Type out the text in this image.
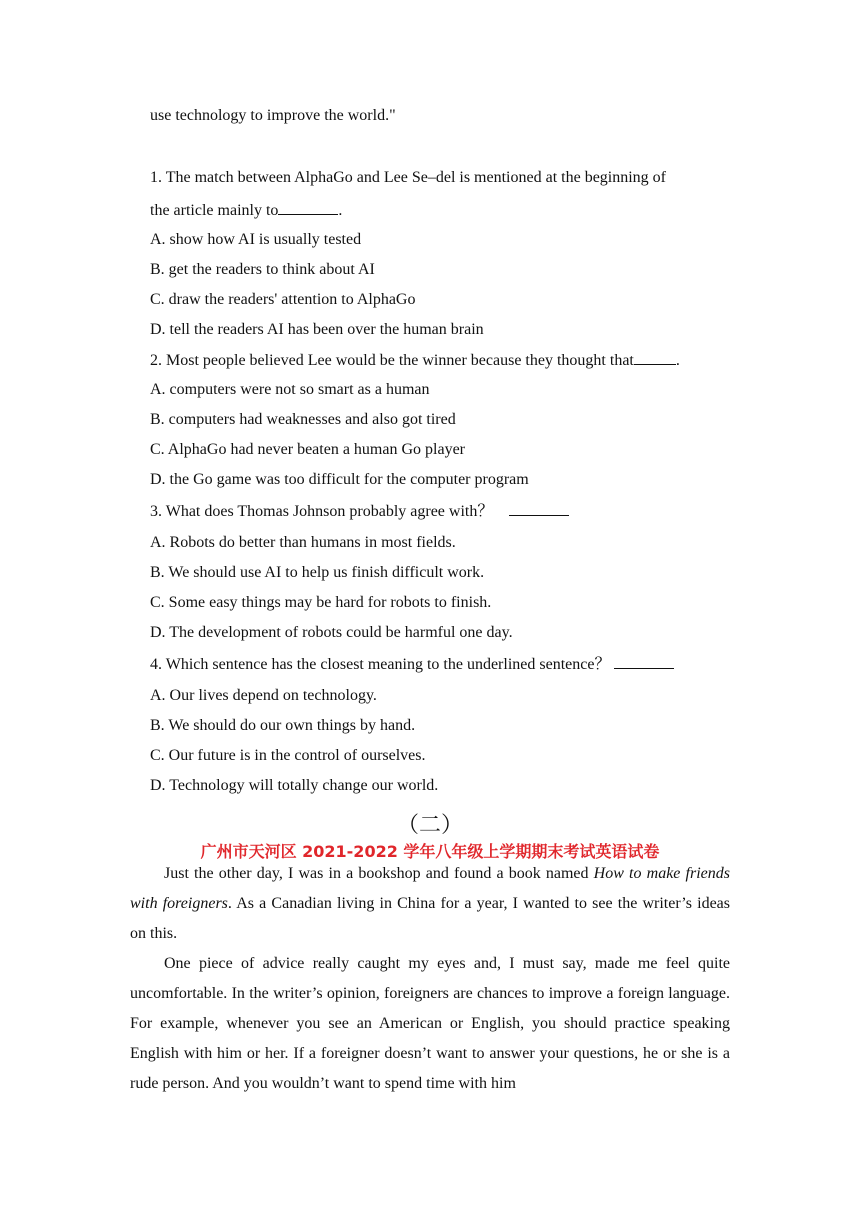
use technology to improve the world."
1. The match between AlphaGo and Lee Se–del is mentioned at the beginning of
the article mainly to	.
A. show how AI is usually tested
B. get the readers to think about AI
C. draw the readers' attention to AlphaGo
D. tell the readers AI has been over the human brain
2. Most people believed Lee would be the winner because they thought that	.
A. computers were not so smart as a human
B. computers had weaknesses and also got tired
C. AlphaGo had never beaten a human Go player
D. the Go game was too difficult for the computer program
3. What does Thomas Johnson probably agree with？
A. Robots do better than humans in most fields.
B. We should use AI to help us finish difficult work.
C. Some easy things may be hard for robots to finish.
D. The development of robots could be harmful one day.
4. Which sentence has the closest meaning to the underlined sentence？
A. Our lives depend on technology.
B. We should do our own things by hand.
C. Our future is in the control of ourselves.
D. Technology will totally change our world.
（二）
广州市天河区 2021-2022 学年八年级上学期期末考试英语试卷

Just the other day, I was in a bookshop and found a book named How to make friends with foreigners. As a Canadian living in China for a year, I wanted to see the writer’s ideas on this.

One piece of advice really caught my eyes and, I must say, made me feel quite uncomfortable. In the writer’s opinion, foreigners are chances to improve a foreign language. For example, whenever you see an American or English, you should practice speaking English with him or her. If a foreigner doesn’t want to answer your questions, he or she is a rude person. And you wouldn’t want to spend time with him
